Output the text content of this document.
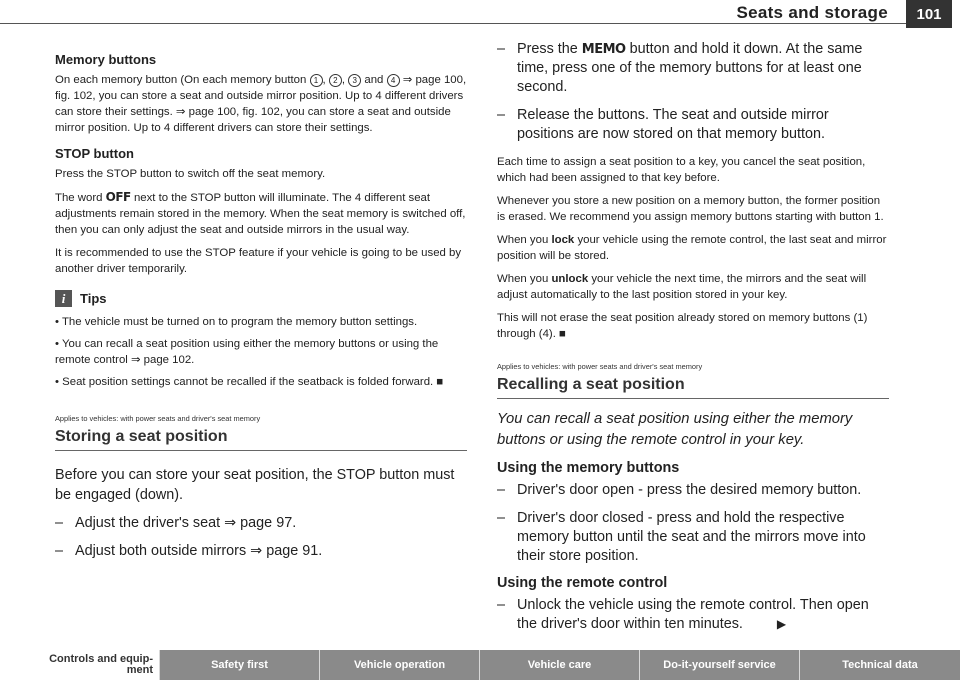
Seats and storage	101
Memory buttons

On each memory button (On each memory button 1 , 2 , 3 and 4 ⇒ page 100, fig. 102, you can store a seat and outside mirror position. Up to 4 different drivers can store their settings. ⇒ page 100, fig. 102, you can store a seat and outside mirror position. Up to 4 different drivers can store their settings.

STOP button

Press the STOP button to switch off the seat memory.

The word OFF next to the STOP button will illuminate. The 4 different seat adjustments remain stored in the memory. When the seat memory is switched off, then you can only adjust the seat and outside mirrors in the usual way.

It is recommended to use the STOP feature if your vehicle is going to be used by another driver temporarily.

i	Tips

• The vehicle must be turned on to program the memory button settings.

• You can recall a seat position using either the memory buttons or using the remote control ⇒ page 102.

• Seat position settings cannot be recalled if the seatback is folded forward. ■

Applies to vehicles: with power seats and driver's seat memory
Storing a seat position

Before you can store your seat position, the STOP button must be engaged (down).

– Adjust the driver's seat ⇒ page 97.
– Adjust both outside mirrors ⇒ page 91.
– Press the MEMO button and hold it down. At the same time, press one of the memory buttons for at least one second.
– Release the buttons. The seat and outside mirror positions are now stored on that memory button.

Each time to assign a seat position to a key, you cancel the seat position, which had been assigned to that key before.

Whenever you store a new position on a memory button, the former position is erased. We recommend you assign memory buttons starting with button 1.

When you lock your vehicle using the remote control, the last seat and mirror position will be stored.

When you unlock your vehicle the next time, the mirrors and the seat will adjust automatically to the last position stored in your key.

This will not erase the seat position already stored on memory buttons (1) through (4). ■

Applies to vehicles: with power seats and driver's seat memory
Recalling a seat position

You can recall a seat position using either the memory buttons or using the remote control in your key.

Using the memory buttons
– Driver's door open - press the desired memory button.
– Driver's door closed - press and hold the respective memory button until the seat and the mirrors move into their store position.
Using the remote control
– Unlock the vehicle using the remote control. Then open the driver's door within ten minutes.	▶
Controls and equip-
ment	Safety first	Vehicle operation	Vehicle care	Do-it-yourself service	Technical data
